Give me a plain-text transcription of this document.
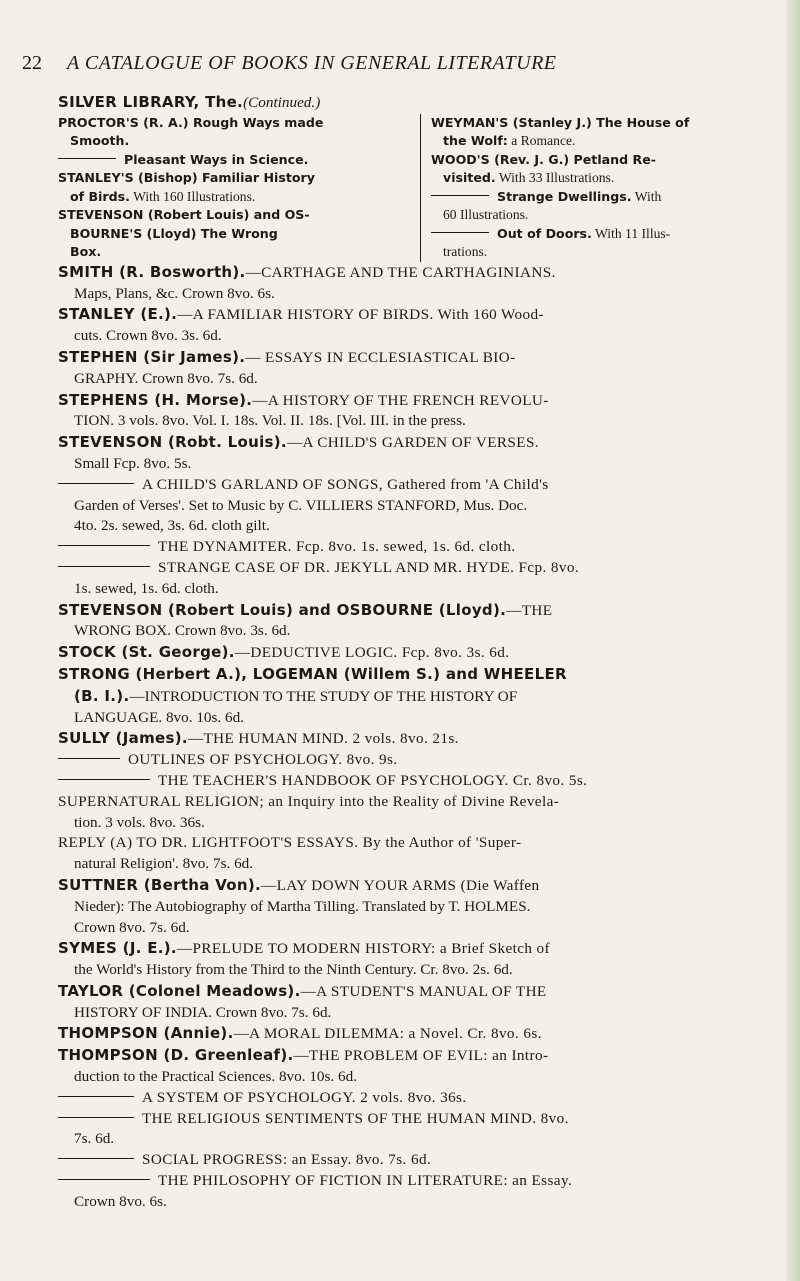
22 A CATALOGUE OF BOOKS IN GENERAL LITERATURE

SILVER LIBRARY, The.(Continued.)

PROCTOR'S (R. A.) Rough Ways made

Smooth.

Pleasant Ways in Science.

STANLEY'S (Bishop) Familiar History

of Birds. With 160 Illustrations.

STEVENSON (Robert Louis) and OS-

BOURNE'S (Lloyd) The Wrong

Box.

WEYMAN'S (Stanley J.) The House of

the Wolf: a Romance.

WOOD'S (Rev. J. G.) Petland Re-

visited. With 33 Illustrations.

Strange Dwellings. With

60 Illustrations.

Out of Doors. With 11 Illus-

trations.

SMITH (R. Bosworth).—CARTHAGE AND THE CARTHAGINIANS.

Maps, Plans, &c. Crown 8vo. 6s.

STANLEY (E.).—A FAMILIAR HISTORY OF BIRDS. With 160 Wood-

cuts. Crown 8vo. 3s. 6d.

STEPHEN (Sir James).— ESSAYS IN ECCLESIASTICAL BIO-

GRAPHY. Crown 8vo. 7s. 6d.

STEPHENS (H. Morse).—A HISTORY OF THE FRENCH REVOLU-

TION. 3 vols. 8vo. Vol. I. 18s. Vol. II. 18s. [Vol. III. in the press.

STEVENSON (Robt. Louis).—A CHILD'S GARDEN OF VERSES.

Small Fcp. 8vo. 5s.

A CHILD'S GARLAND OF SONGS, Gathered from 'A Child's

Garden of Verses'. Set to Music by C. VILLIERS STANFORD, Mus. Doc.
4to. 2s. sewed, 3s. 6d. cloth gilt.

THE DYNAMITER. Fcp. 8vo. 1s. sewed, 1s. 6d. cloth.

STRANGE CASE OF DR. JEKYLL AND MR. HYDE. Fcp. 8vo.

1s. sewed, 1s. 6d. cloth.

STEVENSON (Robert Louis) and OSBOURNE (Lloyd).—THE

WRONG BOX. Crown 8vo. 3s. 6d.

STOCK (St. George).—DEDUCTIVE LOGIC. Fcp. 8vo. 3s. 6d.

STRONG (Herbert A.), LOGEMAN (Willem S.) and WHEELER

(B. I.).—INTRODUCTION TO THE STUDY OF THE HISTORY OF
LANGUAGE. 8vo. 10s. 6d.

SULLY (James).—THE HUMAN MIND. 2 vols. 8vo. 21s.

OUTLINES OF PSYCHOLOGY. 8vo. 9s.

THE TEACHER'S HANDBOOK OF PSYCHOLOGY. Cr. 8vo. 5s.

SUPERNATURAL RELIGION; an Inquiry into the Reality of Divine Revela-

tion. 3 vols. 8vo. 36s.

REPLY (A) TO DR. LIGHTFOOT'S ESSAYS. By the Author of 'Super-

natural Religion'. 8vo. 7s. 6d.

SUTTNER (Bertha Von).—LAY DOWN YOUR ARMS (Die Waffen

Nieder): The Autobiography of Martha Tilling. Translated by T. HOLMES.
Crown 8vo. 7s. 6d.

SYMES (J. E.).—PRELUDE TO MODERN HISTORY: a Brief Sketch of

the World's History from the Third to the Ninth Century. Cr. 8vo. 2s. 6d.

TAYLOR (Colonel Meadows).—A STUDENT'S MANUAL OF THE

HISTORY OF INDIA. Crown 8vo. 7s. 6d.

THOMPSON (Annie).—A MORAL DILEMMA: a Novel. Cr. 8vo. 6s.

THOMPSON (D. Greenleaf).—THE PROBLEM OF EVIL: an Intro-

duction to the Practical Sciences. 8vo. 10s. 6d.

A SYSTEM OF PSYCHOLOGY. 2 vols. 8vo. 36s.

THE RELIGIOUS SENTIMENTS OF THE HUMAN MIND. 8vo.

7s. 6d.

SOCIAL PROGRESS: an Essay. 8vo. 7s. 6d.

THE PHILOSOPHY OF FICTION IN LITERATURE: an Essay.

Crown 8vo. 6s.
